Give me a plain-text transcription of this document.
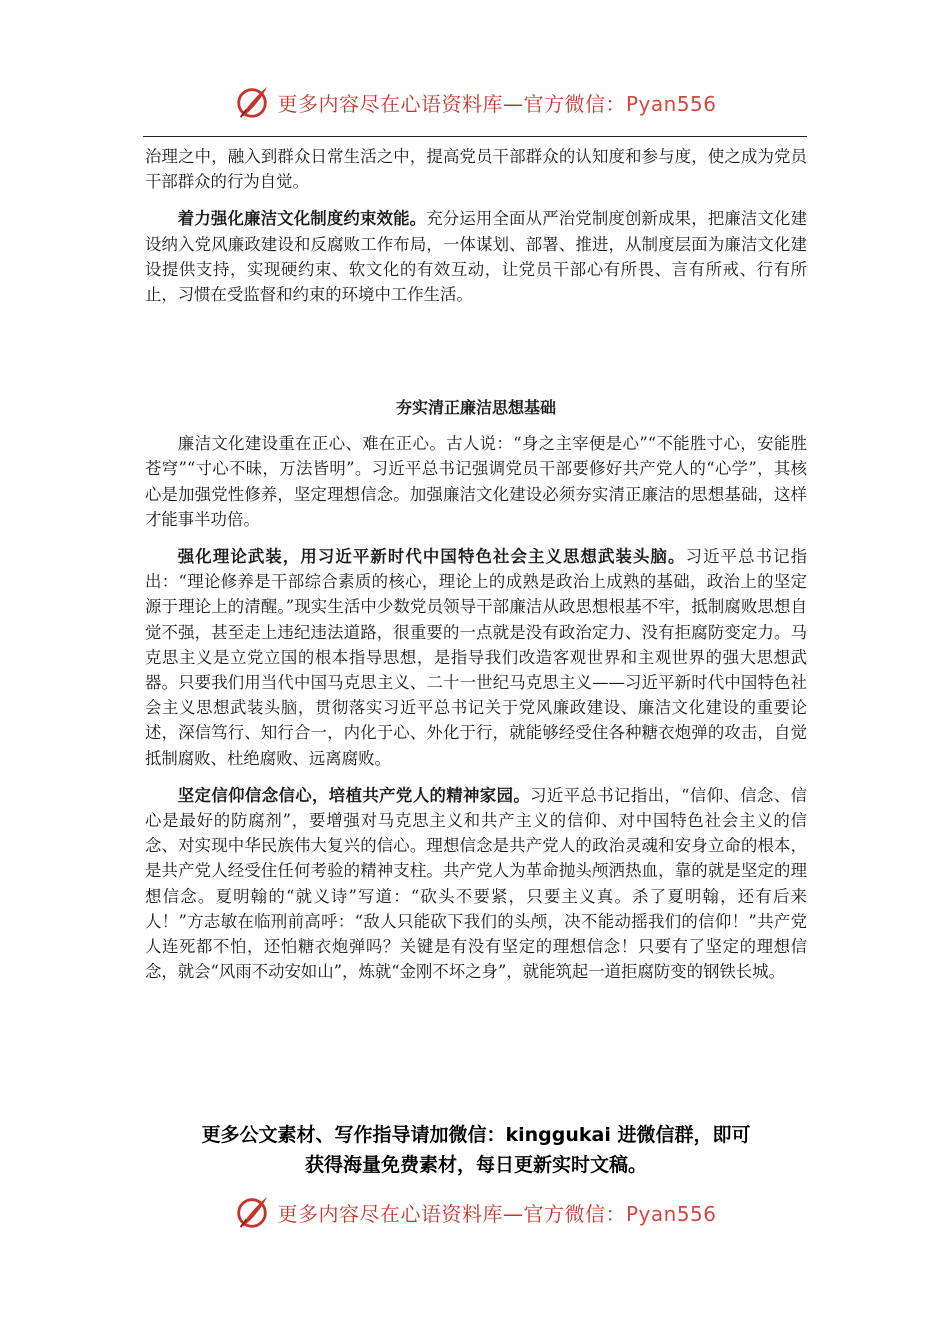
更多内容尽在心语资料库—官方微信：Pyan556

治理之中，融入到群众日常生活之中，提高党员干部群众的认知度和参与度，使之成为党员干部群众的行为自觉。

着力强化廉洁文化制度约束效能。充分运用全面从严治党制度创新成果，把廉洁文化建设纳入党风廉政建设和反腐败工作布局，一体谋划、部署、推进，从制度层面为廉洁文化建设提供支持，实现硬约束、软文化的有效互动，让党员干部心有所畏、言有所戒、行有所止，习惯在受监督和约束的环境中工作生活。

夯实清正廉洁思想基础

廉洁文化建设重在正心、难在正心。古人说：“身之主宰便是心”“不能胜寸心，安能胜苍穹”“寸心不昧，万法皆明”。习近平总书记强调党员干部要修好共产党人的“心学”，其核心是加强党性修养，坚定理想信念。加强廉洁文化建设必须夯实清正廉洁的思想基础，这样才能事半功倍。

强化理论武装，用习近平新时代中国特色社会主义思想武装头脑。习近平总书记指出：“理论修养是干部综合素质的核心，理论上的成熟是政治上成熟的基础，政治上的坚定源于理论上的清醒。”现实生活中少数党员领导干部廉洁从政思想根基不牢，抵制腐败思想自觉不强，甚至走上违纪违法道路，很重要的一点就是没有政治定力、没有拒腐防变定力。马克思主义是立党立国的根本指导思想，是指导我们改造客观世界和主观世界的强大思想武器。只要我们用当代中国马克思主义、二十一世纪马克思主义——习近平新时代中国特色社会主义思想武装头脑，贯彻落实习近平总书记关于党风廉政建设、廉洁文化建设的重要论述，深信笃行、知行合一，内化于心、外化于行，就能够经受住各种糖衣炮弹的攻击，自觉抵制腐败、杜绝腐败、远离腐败。

坚定信仰信念信心，培植共产党人的精神家园。习近平总书记指出，“信仰、信念、信心是最好的防腐剂”，要增强对马克思主义和共产主义的信仰、对中国特色社会主义的信念、对实现中华民族伟大复兴的信心。理想信念是共产党人的政治灵魂和安身立命的根本，是共产党人经受住任何考验的精神支柱。共产党人为革命抛头颅洒热血，靠的就是坚定的理想信念。夏明翰的“就义诗”写道：“砍头不要紧，只要主义真。杀了夏明翰，还有后来人！”方志敏在临刑前高呼：“敌人只能砍下我们的头颅，决不能动摇我们的信仰！”共产党人连死都不怕，还怕糖衣炮弹吗？关键是有没有坚定的理想信念！只要有了坚定的理想信念，就会“风雨不动安如山”，炼就“金刚不坏之身”，就能筑起一道拒腐防变的钢铁长城。

更多公文素材、写作指导请加微信：kinggukai 进微信群，即可
获得海量免费素材，每日更新实时文稿。
更多内容尽在心语资料库—官方微信：Pyan556
